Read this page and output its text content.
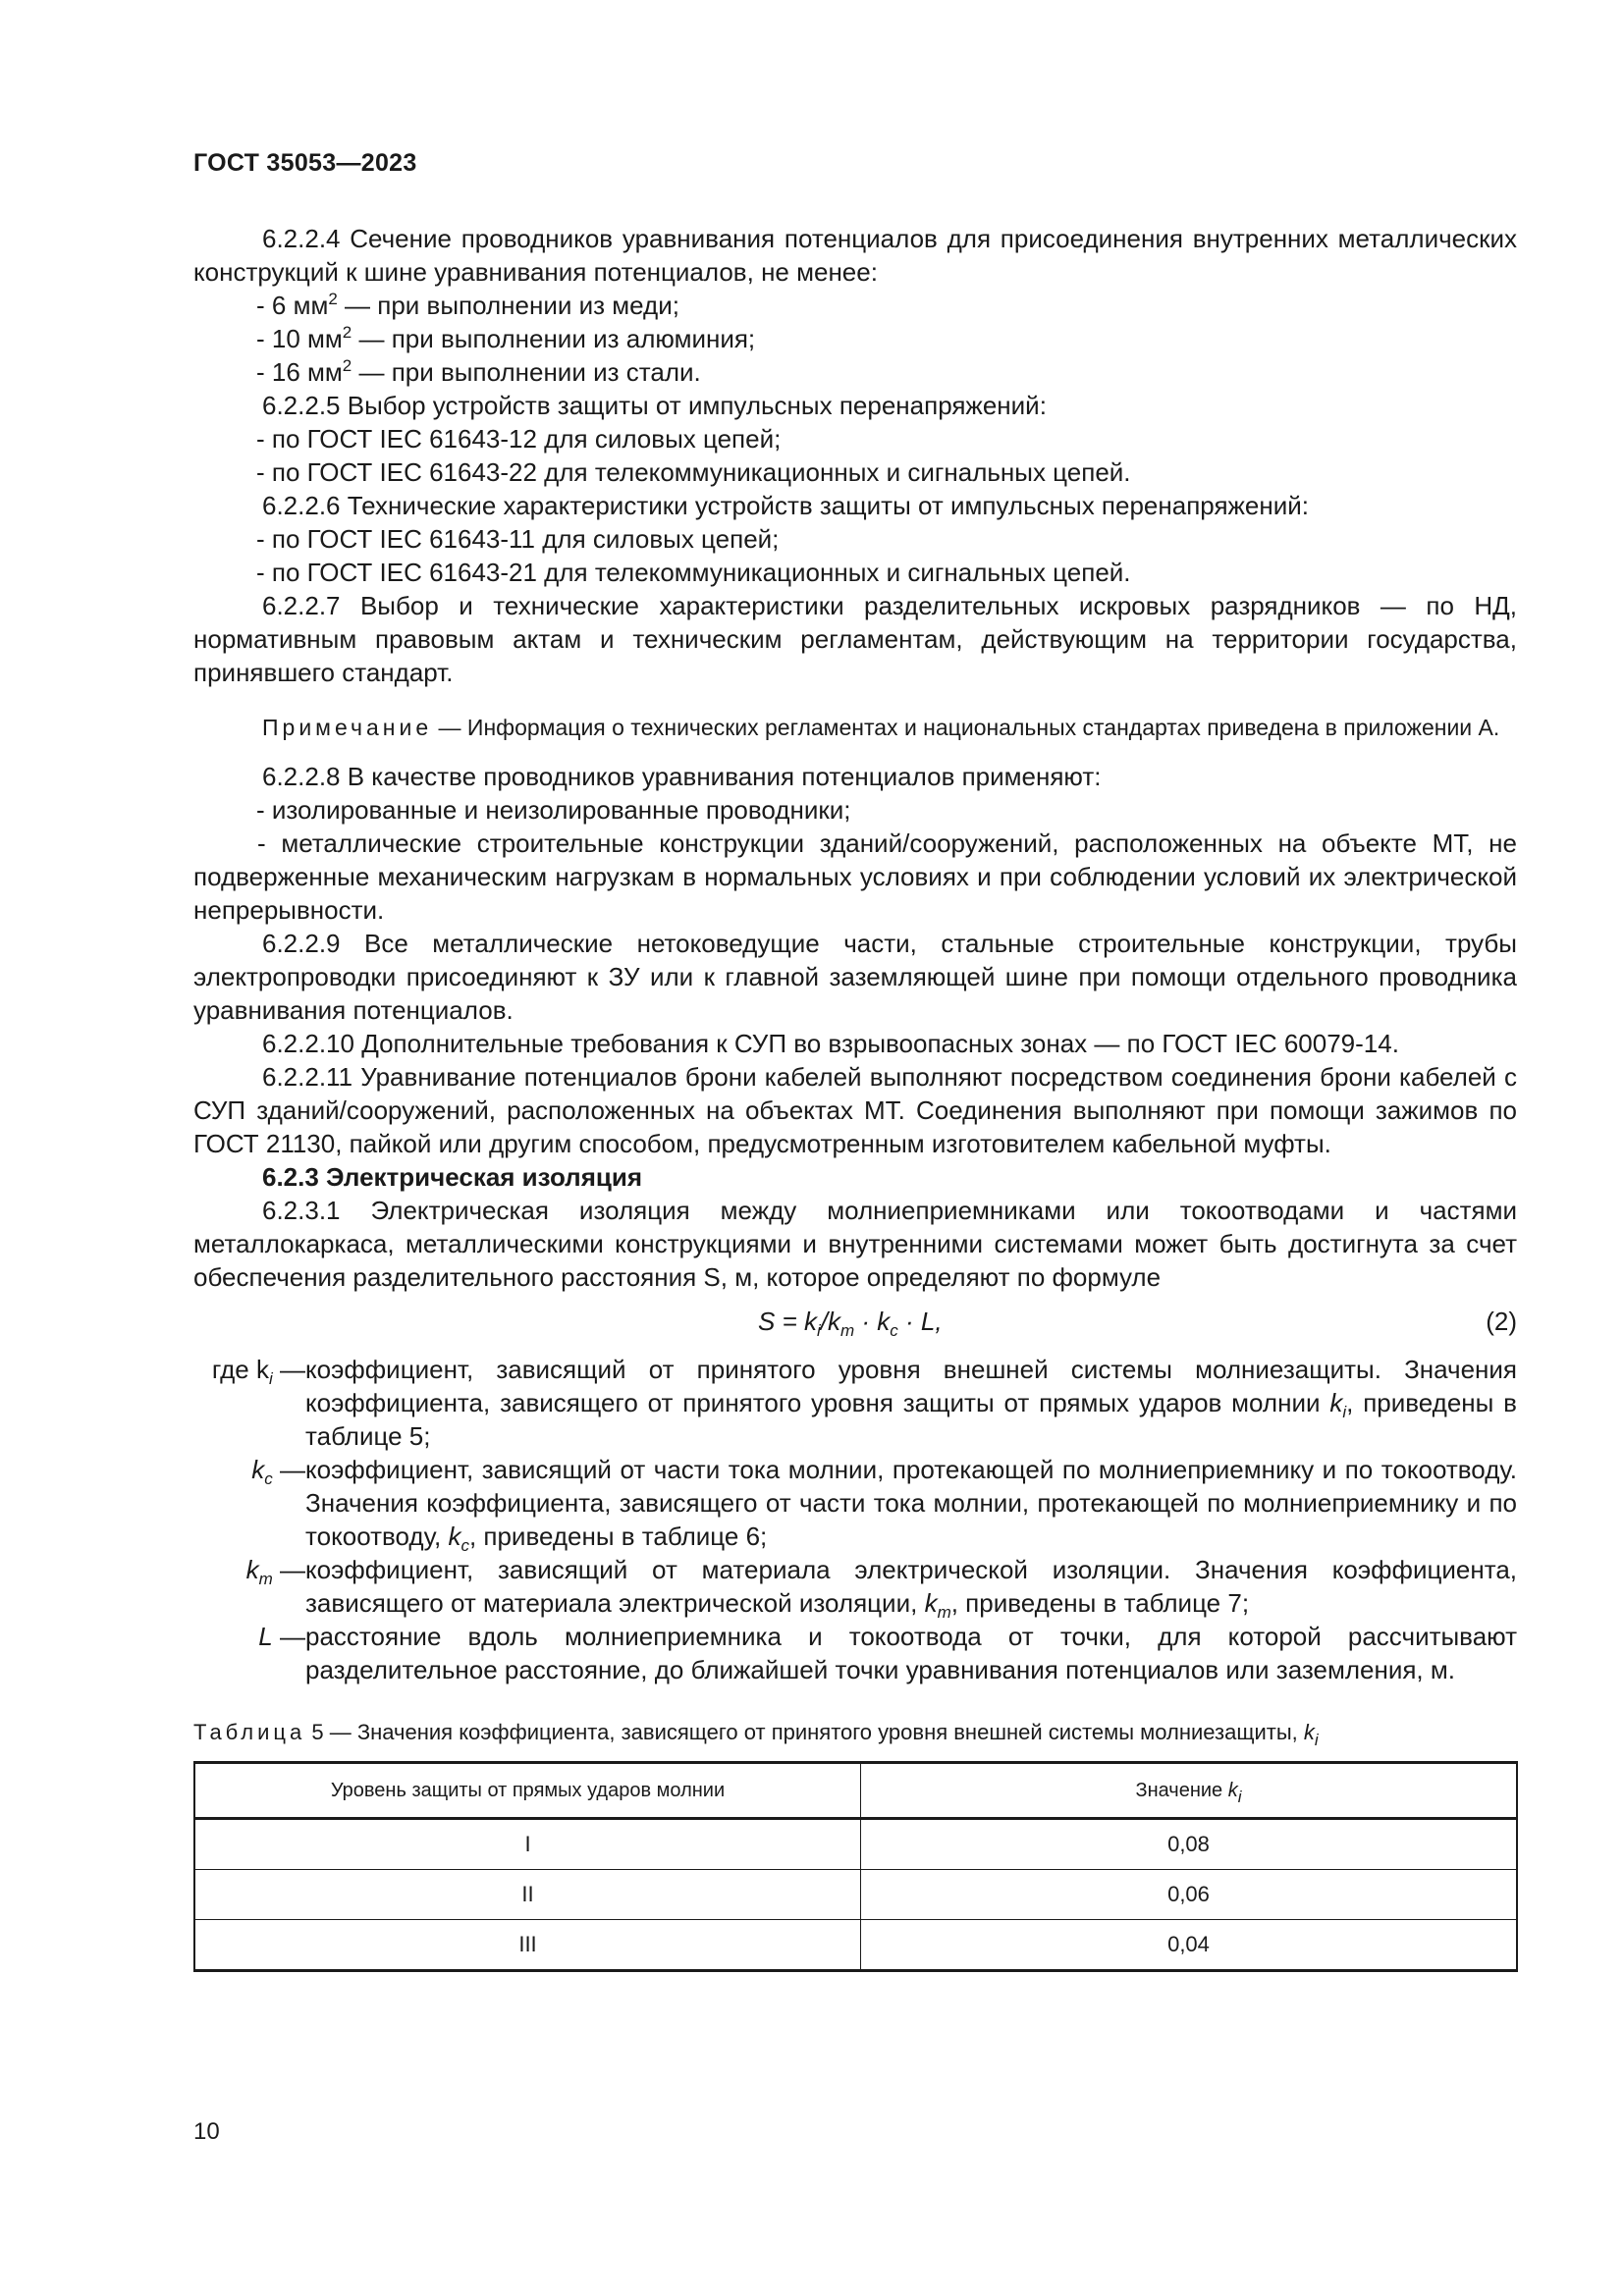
ГОСТ 35053—2023

6.2.2.4 Сечение проводников уравнивания потенциалов для присоединения внутренних металлических конструкций к шине уравнивания потенциалов, не менее:

- 6 $мм^2$ — при выполнении из меди;

- 10 $мм^2$ — при выполнении из алюминия;

- 16 $мм^2$ — при выполнении из стали.

6.2.2.5 Выбор устройств защиты от импульсных перенапряжений:

- по ГОСТ IEC 61643-12 для силовых цепей;

- по ГОСТ IEC 61643-22 для телекоммуникационных и сигнальных цепей.

6.2.2.6 Технические характеристики устройств защиты от импульсных перенапряжений:

- по ГОСТ IEC 61643-11 для силовых цепей;

- по ГОСТ IEC 61643-21 для телекоммуникационных и сигнальных цепей.

6.2.2.7 Выбор и технические характеристики разделительных искровых разрядников — по НД, нормативным правовым актам и техническим регламентам, действующим на территории государства, принявшего стандарт.

Примечание — Информация о технических регламентах и национальных стандартах приведена в приложении А.

6.2.2.8 В качестве проводников уравнивания потенциалов применяют:

- изолированные и неизолированные проводники;

- металлические строительные конструкции зданий/сооружений, расположенных на объекте МТ, не подверженные механическим нагрузкам в нормальных условиях и при соблюдении условий их электрической непрерывности.

6.2.2.9 Все металлические нетоковедущие части, стальные строительные конструкции, трубы электропроводки присоединяют к ЗУ или к главной заземляющей шине при помощи отдельного проводника уравнивания потенциалов.

6.2.2.10 Дополнительные требования к СУП во взрывоопасных зонах — по ГОСТ IEC 60079-14.

6.2.2.11 Уравнивание потенциалов брони кабелей выполняют посредством соединения брони кабелей с СУП зданий/сооружений, расположенных на объектах МТ. Соединения выполняют при помощи зажимов по ГОСТ 21130, пайкой или другим способом, предусмотренным изготовителем кабельной муфты.

6.2.3 Электрическая изоляция

6.2.3.1 Электрическая изоляция между молниеприемниками или токоотводами и частями металлокаркаса, металлическими конструкциями и внутренними системами может быть достигнута за счет обеспечения разделительного расстояния S, м, которое определяют по формуле

$S = k_i/k_m \cdot k_c \cdot L$,	(2)
где $k_i$ — коэффициент, зависящий от принятого уровня внешней системы молниезащиты. Значения коэффициента, зависящего от принятого уровня защиты от прямых ударов молнии $k_i$, приведены в таблице 5;
$k_c$ — коэффициент, зависящий от части тока молнии, протекающей по молниеприемнику и по токоотводу. Значения коэффициента, зависящего от части тока молнии, протекающей по молниеприемнику и по токоотводу, $k_c$, приведены в таблице 6;
$k_m$ — коэффициент, зависящий от материала электрической изоляции. Значения коэффициента, зависящего от материала электрической изоляции, $k_m$, приведены в таблице 7;
L — расстояние вдоль молниеприемника и токоотвода от точки, для которой рассчитывают разделительное расстояние, до ближайшей точки уравнивания потенциалов или заземления, м.

Таблица 5 — Значения коэффициента, зависящего от принятого уровня внешней системы молниезащиты, $k_i$

Уровень защиты от прямых ударов молнии	Значение $k_i$
I	0,08
II	0,06
III	0,04
10
